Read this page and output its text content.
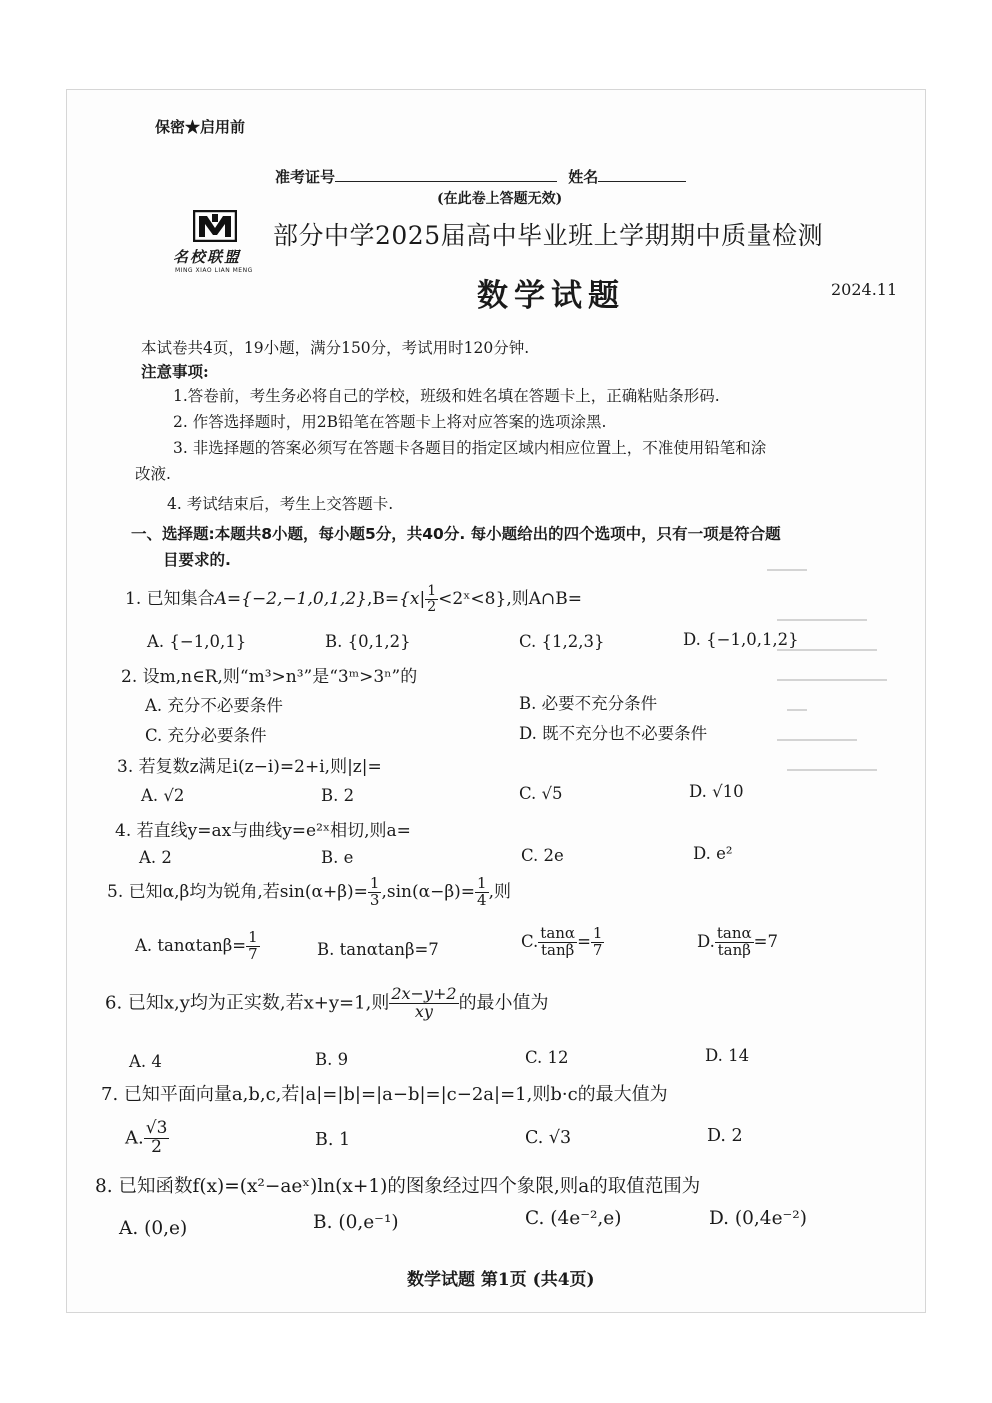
保密★启用前
准考证号	姓名
(在此卷上答题无效)
名校联盟
MING XIAO LIAN MENG
部分中学2025届高中毕业班上学期期中质量检测
数学试题	2024.11
本试卷共4页，19小题，满分150分，考试用时120分钟.
注意事项:
1.答卷前，考生务必将自己的学校，班级和姓名填在答题卡上，正确粘贴条形码.
2. 作答选择题时，用2B铅笔在答题卡上将对应答案的选项涂黑.
3. 非选择题的答案必须写在答题卡各题目的指定区域内相应位置上，不准使用铅笔和涂
改液.
4. 考试结束后，考生上交答题卡.
一、选择题:本题共8小题，每小题5分，共40分. 每小题给出的四个选项中，只有一项是符合题
目要求的.
1. 已知集合$A=\{-2,-1,0,1,2\},B=\{x| \frac{1}{2}$ <2ˣ<8},则A∩B=
A. {−1,0,1}	B. {0,1,2}	C. {1,2,3}	D. {−1,0,1,2}
2. 设m,n∈R,则“m³>n³”是“3ᵐ>3ⁿ”的
A. 充分不必要条件	B. 必要不充分条件
C. 充分必要条件	D. 既不充分也不必要条件
3. 若复数z满足i(z−i)=2+i,则|z|=
A. √2	B. 2	C. √5	D. √10
4. 若直线y=ax与曲线y=e²ˣ相切,则a=
A. 2	B. e	C. 2e	D. e²
5. 已知α,β均为锐角,若$\sin(\alpha+\beta)= \frac{1}{3} ,\sin(\alpha-\beta)= \frac{1}{4}$ ,则
A. $\tan\alpha\tan\beta= \frac{1}{7}$	B. tanαtanβ=7	C. $\frac{\tan\alpha}{\tan\beta} = \frac{1}{7}$	D. $\frac{\tan\alpha}{\tan\beta} =7$
6. 已知x,y均为正实数,若x+y=1,则 $\frac{2x-y+2}{xy}$ 的最小值为
A. 4	B. 9	C. 12	D. 14
7. 已知平面向量a,b,c,若|a|=|b|=|a−b|=|c−2a|=1,则b·c的最大值为
A. $\frac{√3}{2}$	B. 1	C. √3	D. 2
8. 已知函数f(x)=(x²−aeˣ)ln(x+1)的图象经过四个象限,则a的取值范围为
A. (0,e)	B. (0,e⁻¹)	C. (4e⁻²,e)	D. (0,4e⁻²)
数学试题 第1页 (共4页)
